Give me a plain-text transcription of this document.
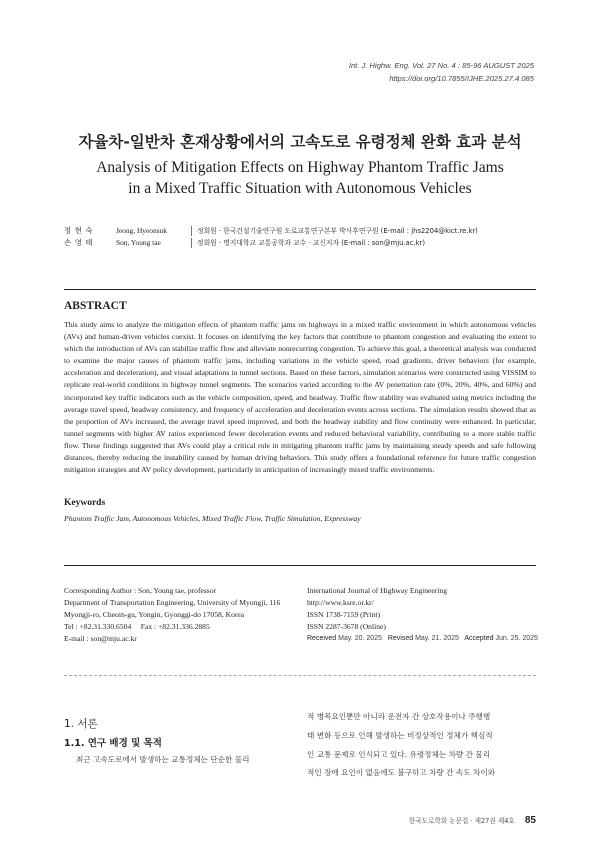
Int. J. Highw. Eng. Vol. 27 No. 4 : 85-96 AUGUST 2025
https://doi.org/10.7855/IJHE.2025.27.4.085
자율차-일반차 혼재상황에서의 고속도로 유령정체 완화 효과 분석
Analysis of Mitigation Effects on Highway Phantom Traffic Jams
in a Mixed Traffic Situation with Autonomous Vehicles
정 현 숙	Jeong, Hyeonsuk	정회원 · 한국건설기술연구원 도로교통연구본부 박사후연구원 (E-mail : jhs2204@kict.re.kr)
손 영 태	Son, Young tae	정회원 · 명지대학교 교통공학과 교수 · 교신저자 (E-mail : son@mju.ac.kr)
ABSTRACT
This study aims to analyze the mitigation effects of phantom traffic jams on highways in a mixed traffic environment in which autonomous vehicles (AVs) and human-driven vehicles coexist. It focuses on identifying the key factors that contribute to phantom congestion and evaluating the extent to which the introduction of AVs can stabilize traffic flow and alleviate nonrecurring congestion. To achieve this goal, a theoretical analysis was conducted to examine the major causes of phantom traffic jams, including variations in the vehicle speed, road gradients, driver behaviors (for example, acceleration and deceleration), and visual adaptations in tunnel sections. Based on these factors, simulation scenarios were constructed using VISSIM to replicate real-world conditions in highway tunnel segments. The scenarios varied according to the AV penetration rate (0%, 20%, 40%, and 60%) and incorporated key traffic indicators such as the vehicle composition, speed, and headway. Traffic flow stability was evaluated using metrics including the average travel speed, headway consistency, and frequency of acceleration and deceleration events across sections. The simulation results showed that as the proportion of AVs increased, the average travel speed improved, and both the headway stability and flow continuity were enhanced. In particular, tunnel segments with higher AV ratios experienced fewer deceleration events and reduced behavioral variability, contributing to a more stable traffic flow. These findings suggested that AVs could play a critical role in mitigating phantom traffic jams by maintaining steady speeds and safe following distances, thereby reducing the instability caused by human driving behaviors. This study offers a foundational reference for future traffic congestion mitigation strategies and AV policy development, particularly in anticipation of increasingly mixed traffic environments.
Keywords
Phantom Traffic Jam, Autonomous Vehicles, Mixed Traffic Flow, Traffic Simulation, Expressway
Corresponding Author : Son, Young tae, professor
Department of Transportation Engineering, University of Myongji, 116
Myongji-ro, Cheoin-gu, Yongin, Gyonggi-do 17058, Korea
Tel : +82.31.330.6504     Fax : +82.31.336.2885
E-mail : son@mju.ac.kr
International Journal of Highway Engineering
http://www.ksre.or.kr/
ISSN 1738-7159 (Print)
ISSN 2287-3678 (Online)
Received May. 20. 2025 Revised May. 21. 2025 Accepted Jun. 25. 2025
1. 서론
1.1. 연구 배경 및 목적
최근 고속도로에서 발생하는 교통정체는 단순한 물리
적 병목요인뿐만 아니라 운전자 간 상호작용이나 주행행
태 변화 등으로 인해 발생하는 비정상적인 정체가 핵심적
인 교통 문제로 인식되고 있다. 유령정체는 차량 간 물리
적인 장애 요인이 없음에도 불구하고 차량 간 속도 차이와
한국도로학회 논문집 · 제27권 제4호 85
